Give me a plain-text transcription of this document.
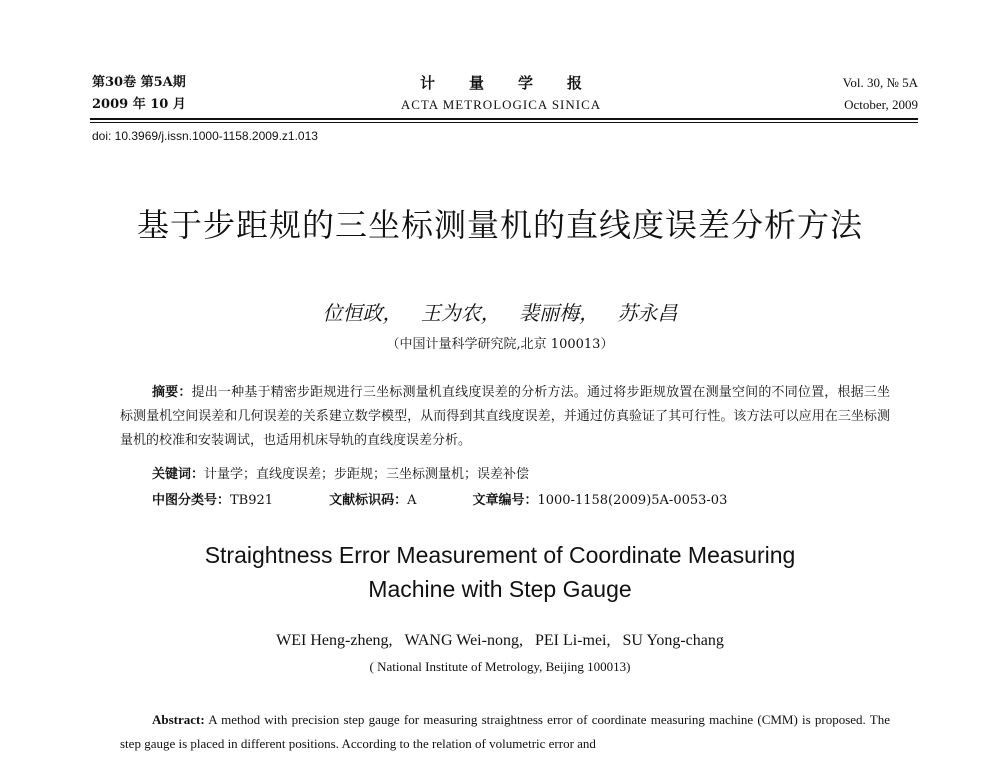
第30卷 第5A期
2009 年 10 月
计量学报
ACTA METROLOGICA SINICA
Vol. 30, № 5A
October, 2009
doi: 10.3969/j.issn.1000-1158.2009.z1.013
基于步距规的三坐标测量机的直线度误差分析方法
位恒政， 王为农， 裴丽梅， 苏永昌
（中国计量科学研究院,北京 100013）
摘要：提出一种基于精密步距规进行三坐标测量机直线度误差的分析方法。通过将步距规放置在测量空间的不同位置，根据三坐标测量机空间误差和几何误差的关系建立数学模型，从而得到其直线度误差，并通过仿真验证了其可行性。该方法可以应用在三坐标测量机的校准和安装调试，也适用机床导轨的直线度误差分析。
关键词：计量学；直线度误差；步距规；三坐标测量机；误差补偿
中图分类号：TB921	文献标识码：A	文章编号：1000-1158(2009)5A-0053-03
Straightness Error Measurement of Coordinate Measuring
Machine with Step Gauge
WEI Heng-zheng, WANG Wei-nong, PEI Li-mei, SU Yong-chang
( National Institute of Metrology, Beijing 100013)
Abstract: A method with precision step gauge for measuring straightness error of coordinate measuring machine (CMM) is proposed. The step gauge is placed in different positions. According to the relation of volumetric error and
